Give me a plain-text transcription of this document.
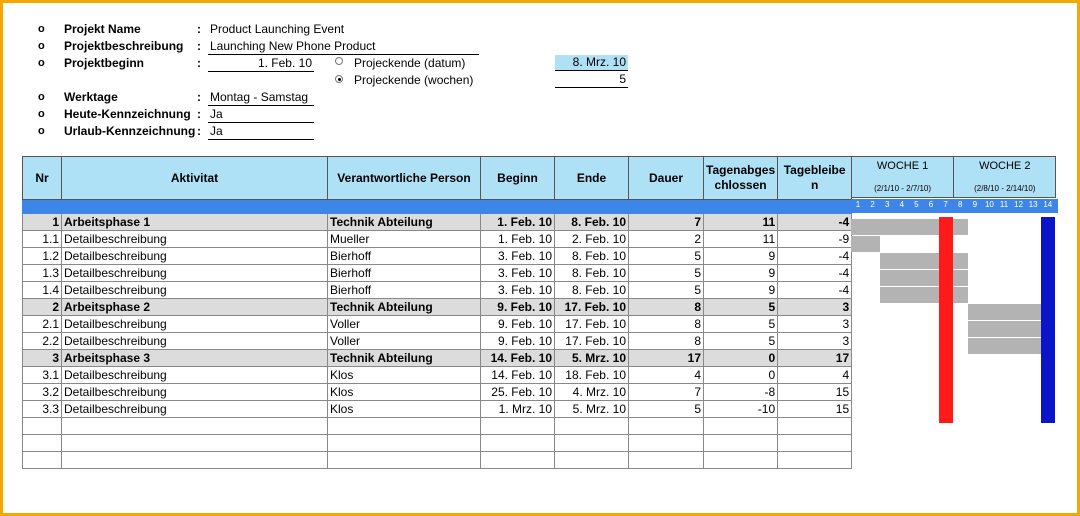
o Projekt Name	: Product Launching Event
o Projektbeschreibung : Launching New Phone Product
o Projektbeginn	:	1. Feb. 10	Projeckende (datum)	8. Mrz. 10
Projeckende (wochen)	5
o Werktage	: Montag - Samstag
o Heute-Kennzeichnung : Ja
o Urlaub-Kennzeichnung : Ja
Nr	Aktivitat	Verantwortliche Person	Beginn	Ende	Dauer	Tagenabges chlossen	Tagebleibe n

1	Arbeitsphase 1	Technik Abteilung	1. Feb. 10	8. Feb. 10	7	11	-4
1.1	Detailbeschreibung	Mueller	1. Feb. 10	2. Feb. 10	2	11	-9
1.2	Detailbeschreibung	Bierhoff	3. Feb. 10	8. Feb. 10	5	9	-4
1.3	Detailbeschreibung	Bierhoff	3. Feb. 10	8. Feb. 10	5	9	-4
1.4	Detailbeschreibung	Bierhoff	3. Feb. 10	8. Feb. 10	5	9	-4
2	Arbeitsphase 2	Technik Abteilung	9. Feb. 10	17. Feb. 10	8	5	3
2.1	Detailbeschreibung	Voller	9. Feb. 10	17. Feb. 10	8	5	3
2.2	Detailbeschreibung	Voller	9. Feb. 10	17. Feb. 10	8	5	3
3	Arbeitsphase 3	Technik Abteilung	14. Feb. 10	5. Mrz. 10	17	0	17
3.1	Detailbeschreibung	Klos	14. Feb. 10	18. Feb. 10	4	0	4
3.2	Detailbeschreibung	Klos	25. Feb. 10	4. Mrz. 10	7	-8	15
3.3	Detailbeschreibung	Klos	1. Mrz. 10	5. Mrz. 10	5	-10	15

WOCHE 1
(2/1/10 - 2/7/10)
WOCHE 2
(2/8/10 - 2/14/10)
1	2	3	4	5	6	7	8	9 10 11 12 13 14
